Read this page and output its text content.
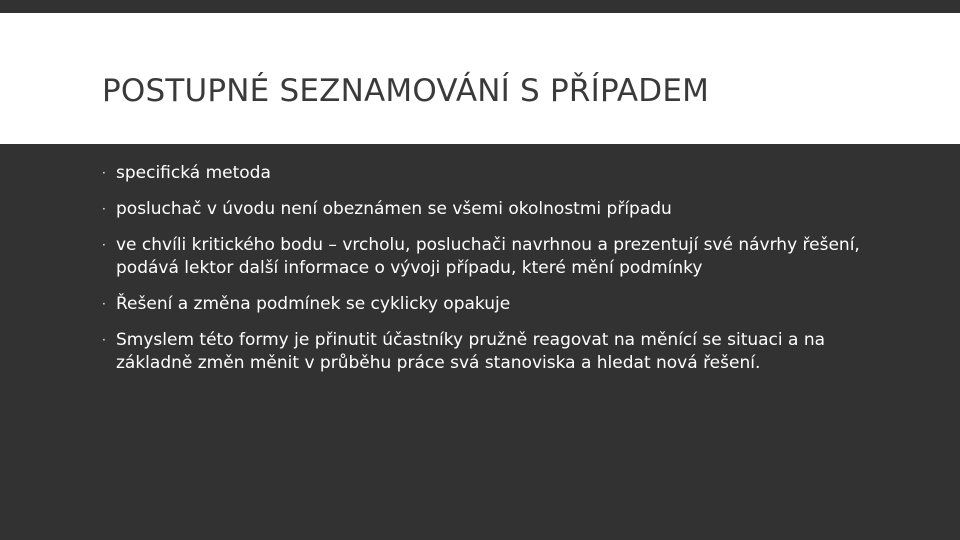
POSTUPNÉ SEZNAMOVÁNÍ S PŘÍPADEM
· specifická metoda
· posluchač v úvodu není obeznámen se všemi okolnostmi případu
· ve chvíli kritického bodu – vrcholu, posluchači navrhnou a prezentují své návrhy řešení, podává lektor další informace o vývoji případu, které mění podmínky
· Řešení a změna podmínek se cyklicky opakuje
· Smyslem této formy je přinutit účastníky pružně reagovat na měnící se situaci a na základně změn měnit v průběhu práce svá stanoviska a hledat nová řešení.
